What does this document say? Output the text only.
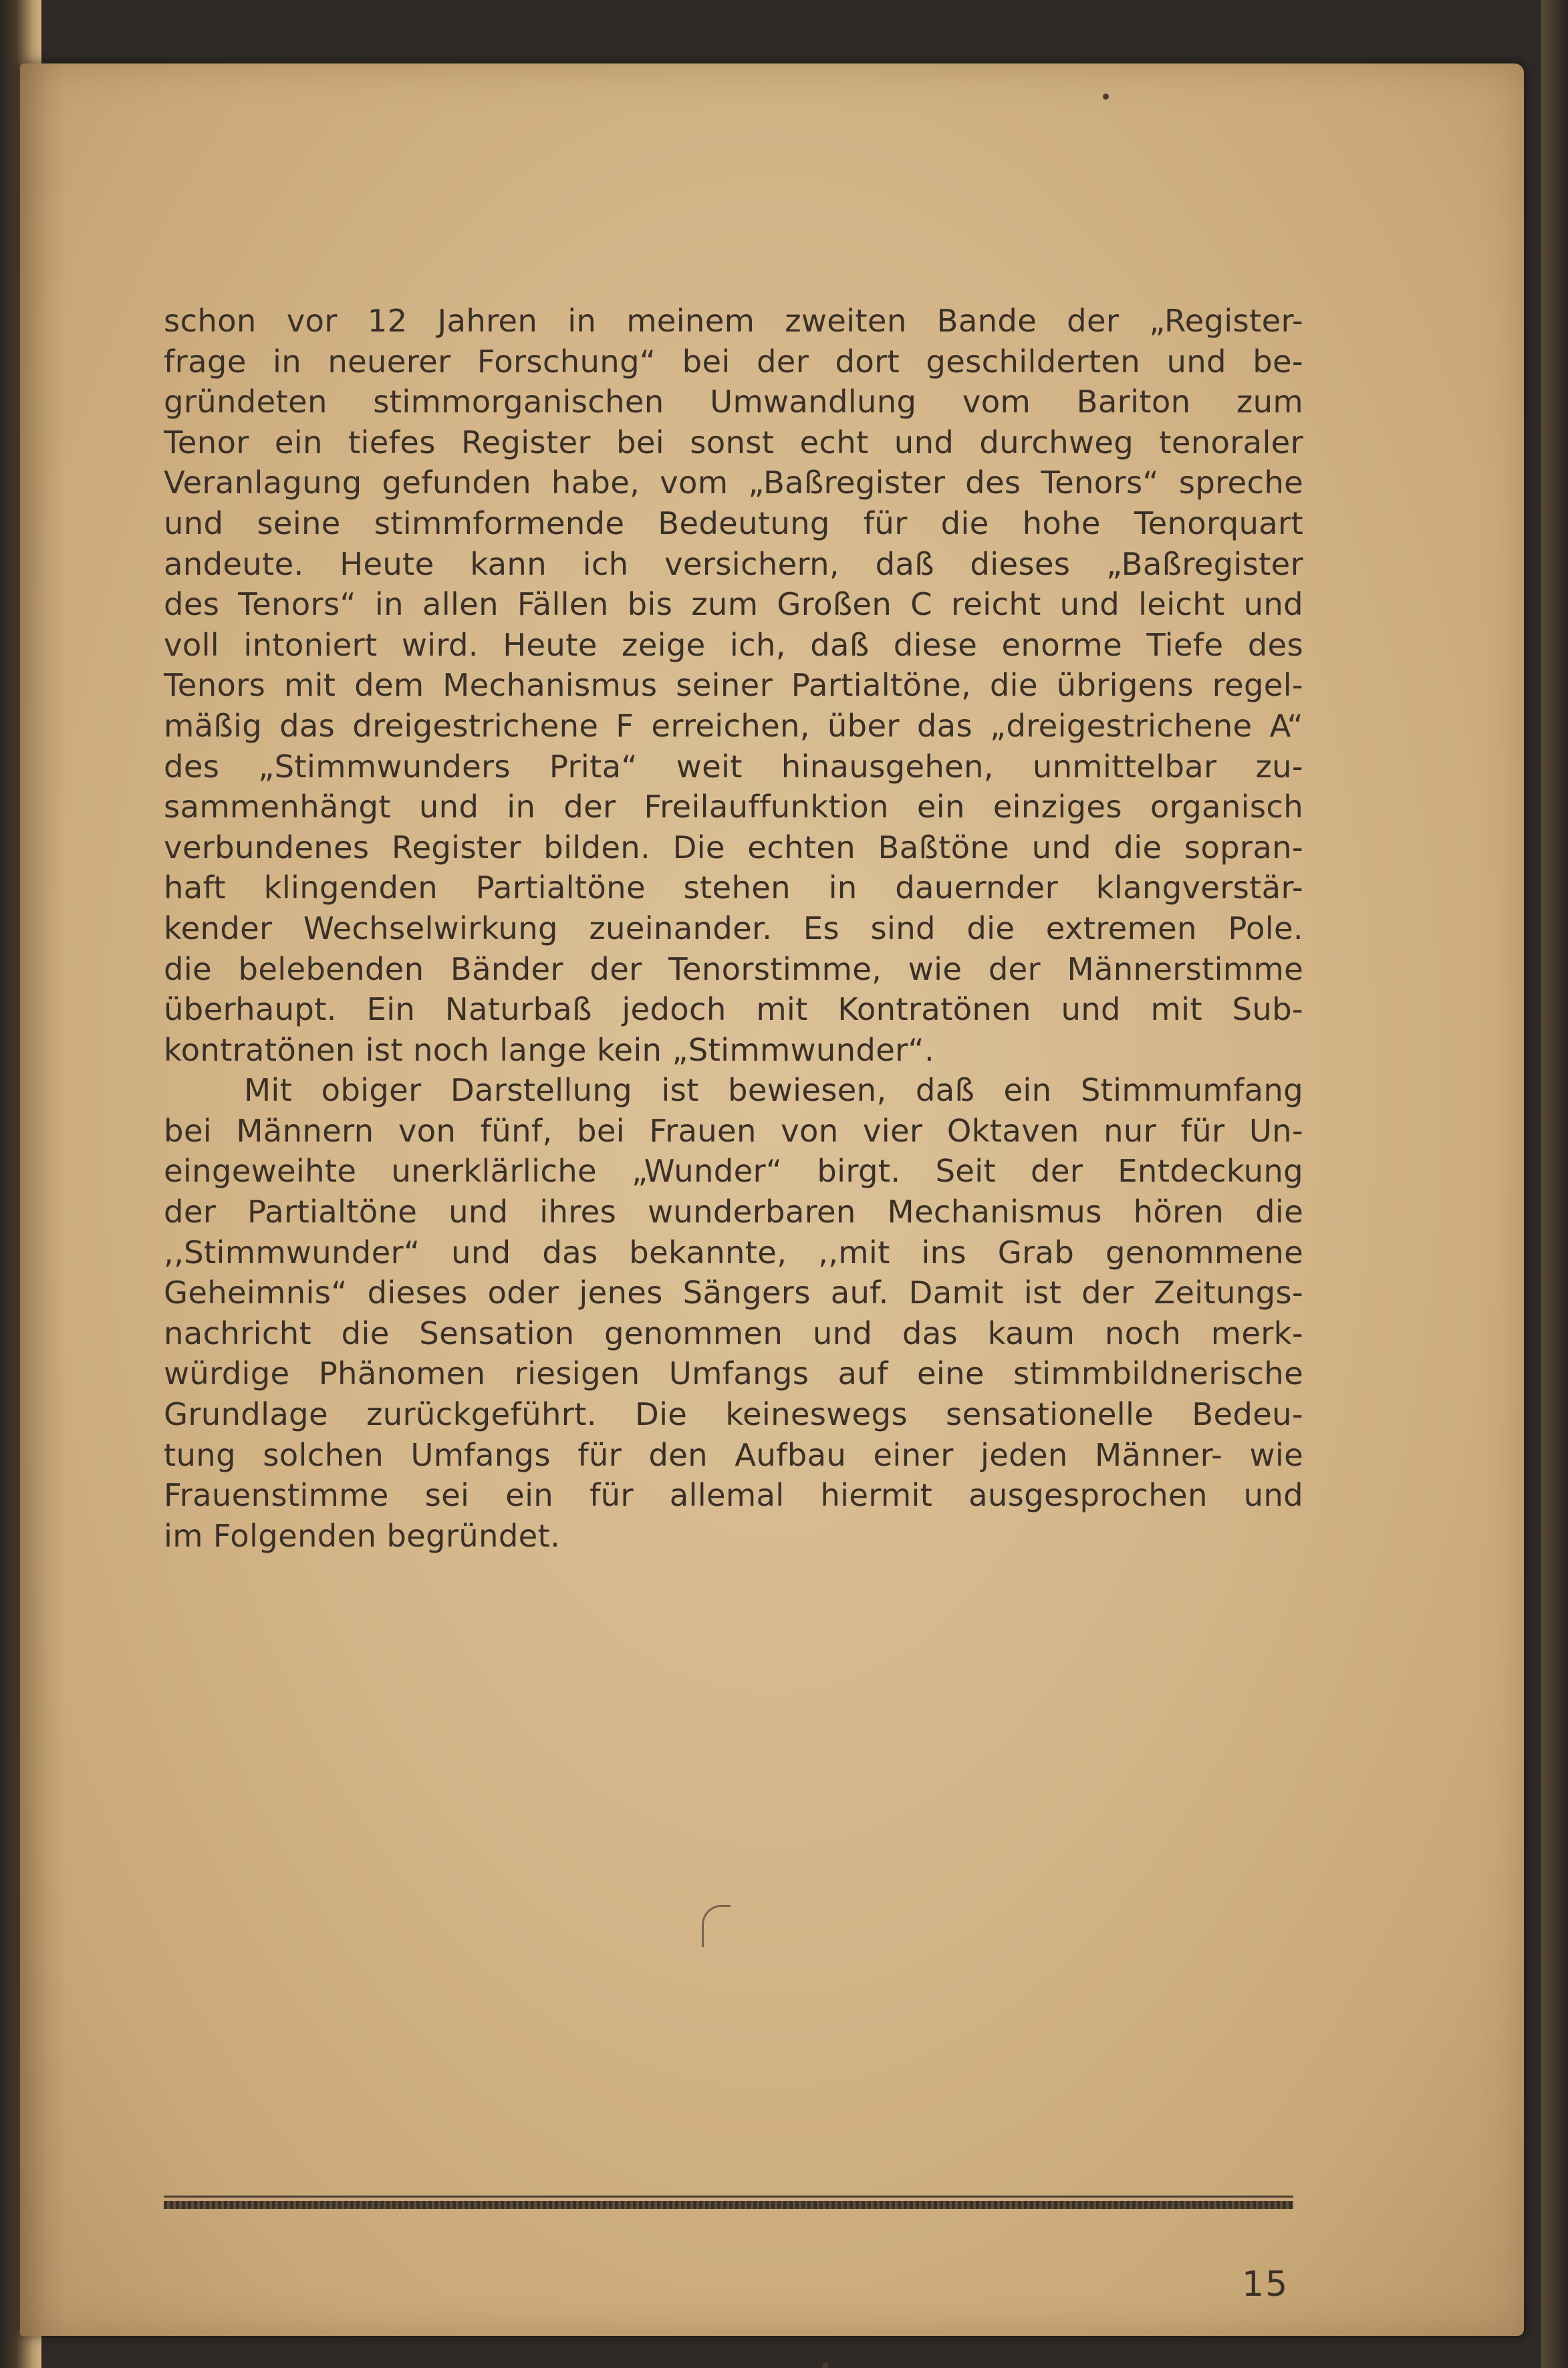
schon vor 12 Jahren in meinem zweiten Bande der „Register-
frage in neuerer Forschung“ bei der dort geschilderten und be-
gründeten stimmorganischen Umwandlung vom Bariton zum
Tenor ein tiefes Register bei sonst echt und durchweg tenoraler
Veranlagung gefunden habe, vom „Baßregister des Tenors“ spreche
und seine stimmformende Bedeutung für die hohe Tenorquart
andeute. Heute kann ich versichern, daß dieses „Baßregister
des Tenors“ in allen Fällen bis zum Großen C reicht und leicht und
voll intoniert wird. Heute zeige ich, daß diese enorme Tiefe des
Tenors mit dem Mechanismus seiner Partialtöne, die übrigens regel-
mäßig das dreigestrichene F erreichen, über das „dreigestrichene A“
des „Stimmwunders Prita“ weit hinausgehen, unmittelbar zu-
sammenhängt und in der Freilauffunktion ein einziges organisch
verbundenes Register bilden. Die echten Baßtöne und die sopran-
haft klingenden Partialtöne stehen in dauernder klangverstär-
kender Wechselwirkung zueinander. Es sind die extremen Pole.
die belebenden Bänder der Tenorstimme, wie der Männerstimme
überhaupt. Ein Naturbaß jedoch mit Kontratönen und mit Sub-
kontratönen ist noch lange kein „Stimmwunder“.
Mit obiger Darstellung ist bewiesen, daß ein Stimmumfang
bei Männern von fünf, bei Frauen von vier Oktaven nur für Un-
eingeweihte unerklärliche „Wunder“ birgt. Seit der Entdeckung
der Partialtöne und ihres wunderbaren Mechanismus hören die
,,Stimmwunder“ und das bekannte, ,,mit ins Grab genommene
Geheimnis“ dieses oder jenes Sängers auf. Damit ist der Zeitungs-
nachricht die Sensation genommen und das kaum noch merk-
würdige Phänomen riesigen Umfangs auf eine stimmbildnerische
Grundlage zurückgeführt. Die keineswegs sensationelle Bedeu-
tung solchen Umfangs für den Aufbau einer jeden Männer- wie
Frauenstimme sei ein für allemal hiermit ausgesprochen und
im Folgenden begründet.
15
